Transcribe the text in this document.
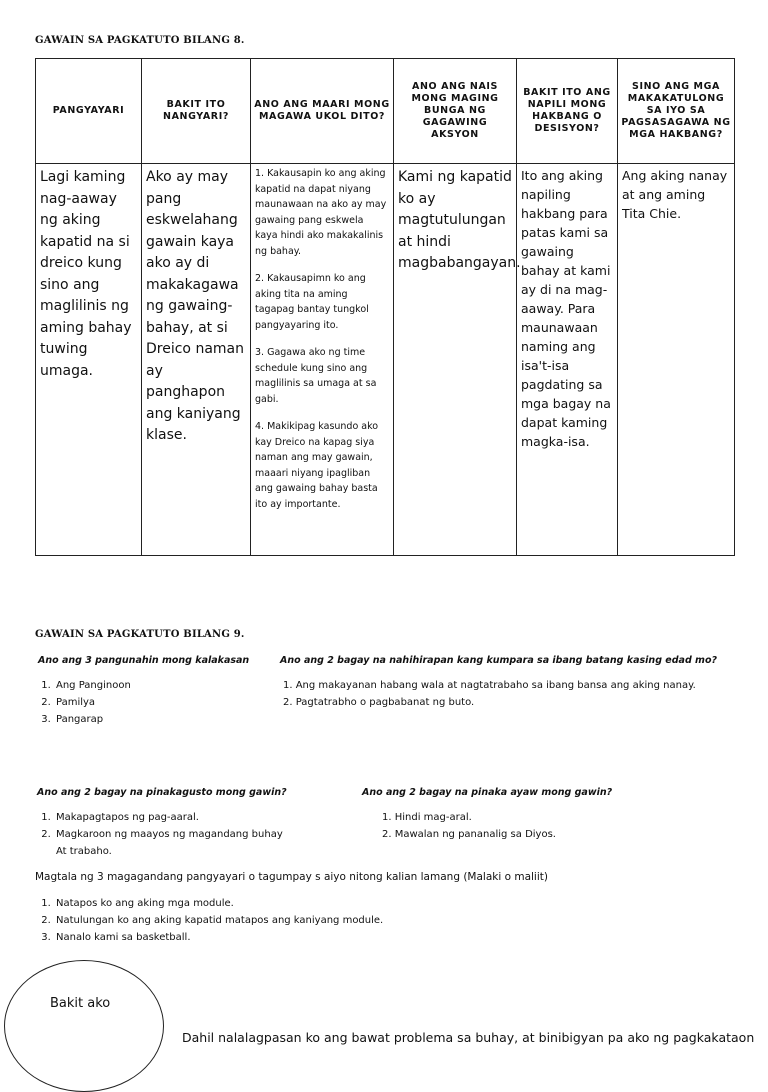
GAWAIN SA PAGKATUTO BILANG 8.
PANGYAYARI	BAKIT ITO NANGYARI?	ANO ANG MAARI MONG MAGAWA UKOL DITO?	ANO ANG NAIS MONG MAGING BUNGA NG GAGAWING AKSYON	BAKIT ITO ANG NAPILI MONG HAKBANG O DESISYON?	SINO ANG MGA MAKAKATULONG SA IYO SA PAGSASAGAWA NG MGA HAKBANG?
Lagi kaming nag-aaway ng aking kapatid na si dreico kung sino ang maglilinis ng aming bahay tuwing umaga.	Ako ay may pang eskwelahang gawain kaya ako ay di makakagawa ng gawaing-bahay, at si Dreico naman ay panghapon ang kaniyang klase.	1. Kakausapin ko ang aking kapatid na dapat niyang maunawaan na ako ay may gawaing pang eskwela kaya hindi ako makakalinis ng bahay.

2. Kakausapimn ko ang aking tita na aming tagapag bantay tungkol pangyayaring ito.

3. Gagawa ako ng time schedule kung sino ang maglilinis sa umaga at sa gabi.

4. Makikipag kasundo ako kay Dreico na kapag siya naman ang may gawain, maaari niyang ipagliban ang gawaing bahay basta ito ay importante.	Kami ng kapatid ko ay magtutulungan at hindi magbabangayan.	Ito ang aking napiling hakbang para patas kami sa gawaing bahay at kami ay di na mag-aaway. Para maunawaan naming ang isa't-isa pagdating sa mga bagay na dapat kaming magka-isa.	Ang aking nanay at ang aming Tita Chie.
GAWAIN SA PAGKATUTO BILANG 9.
Ano ang 3 pangunahin mong kalakasan
1. Ang Panginoon
2. Pamilya
3. Pangarap
Ano ang 2 bagay na nahihirapan kang kumpara sa ibang batang kasing edad mo?
1. Ang makayanan habang wala at nagtatrabaho sa ibang bansa ang aking nanay.
2. Pagtatrabho o pagbabanat ng buto.
Ano ang 2 bagay na pinakagusto mong gawin?
1. Makapagtapos ng pag-aaral.
2. Magkaroon ng maayos ng magandang buhay
At trabaho.
Ano ang 2 bagay na pinaka ayaw mong gawin?
1. Hindi mag-aral.
2. Mawalan ng pananalig sa Diyos.
Magtala ng 3 magagandang pangyayari o tagumpay s aiyo nitong kalian lamang (Malaki o maliit)
1. Natapos ko ang aking mga module.
2. Natulungan ko ang aking kapatid matapos ang kaniyang module.
3. Nanalo kami sa basketball.
Bakit ako
Dahil nalalagpasan ko ang bawat problema sa buhay, at binibigyan pa ako ng pagkakataon
